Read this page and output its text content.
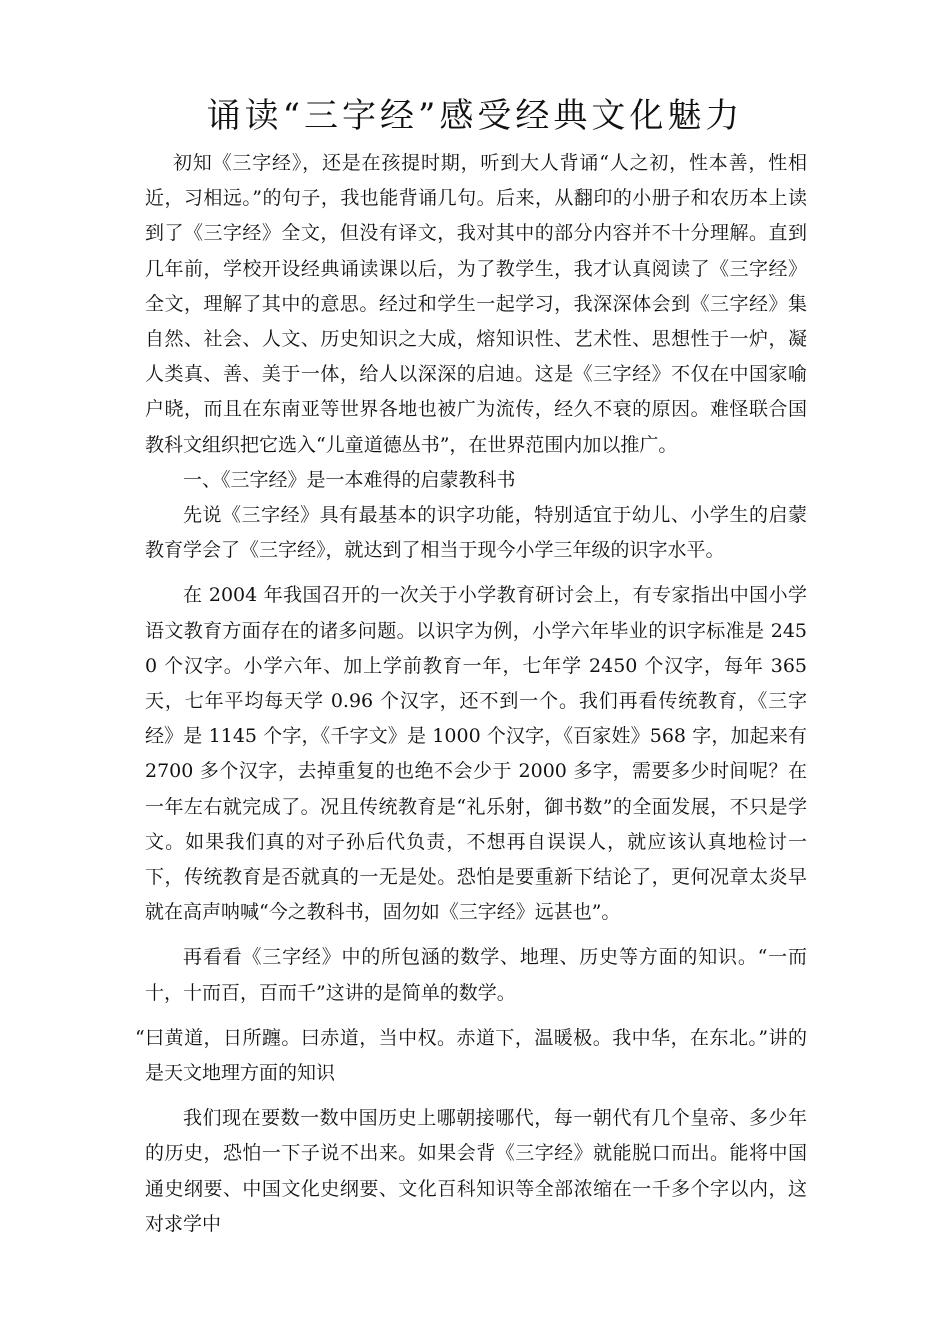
诵读“三字经”感受经典文化魅力

初知《三字经》，还是在孩提时期，听到大人背诵“人之初，性本善，性相近，习相远。”的句子，我也能背诵几句。后来，从翻印的小册子和农历本上读到了《三字经》全文，但没有译文，我对其中的部分内容并不十分理解。直到几年前，学校开设经典诵读课以后，为了教学生，我才认真阅读了《三字经》全文，理解了其中的意思。经过和学生一起学习，我深深体会到《三字经》集自然、社会、人文、历史知识之大成，熔知识性、艺术性、思想性于一炉，凝人类真、善、美于一体，给人以深深的启迪。这是《三字经》不仅在中国家喻户晓，而且在东南亚等世界各地也被广为流传，经久不衰的原因。难怪联合国教科文组织把它选入“儿童道德丛书”，在世界范围内加以推广。

一、《三字经》是一本难得的启蒙教科书

先说《三字经》具有最基本的识字功能，特别适宜于幼儿、小学生的启蒙教育学会了《三字经》，就达到了相当于现今小学三年级的识字水平。

在 2004 年我国召开的一次关于小学教育研讨会上，有专家指出中国小学语文教育方面存在的诸多问题。以识字为例，小学六年毕业的识字标准是 2450 个汉字。小学六年、加上学前教育一年，七年学 2450 个汉字，每年 365 天，七年平均每天学 0.96 个汉字，还不到一个。我们再看传统教育，《三字经》是 1145 个字，《千字文》是 1000 个汉字，《百家姓》568 字，加起来有 2700 多个汉字，去掉重复的也绝不会少于 2000 多字，需要多少时间呢？在一年左右就完成了。况且传统教育是“礼乐射，御书数”的全面发展，不只是学文。如果我们真的对子孙后代负责，不想再自误误人，就应该认真地检讨一下，传统教育是否就真的一无是处。恐怕是要重新下结论了，更何况章太炎早就在高声呐喊“今之教科书，固勿如《三字经》远甚也”。

再看看《三字经》中的所包涵的数学、地理、历史等方面的知识。“一而十，十而百，百而千”这讲的是简单的数学。

“曰黄道，日所躔。曰赤道，当中权。赤道下，温暖极。我中华，在东北。”讲的是天文地理方面的知识

我们现在要数一数中国历史上哪朝接哪代，每一朝代有几个皇帝、多少年的历史，恐怕一下子说不出来。如果会背《三字经》就能脱口而出。能将中国通史纲要、中国文化史纲要、文化百科知识等全部浓缩在一千多个字以内，这对求学中
